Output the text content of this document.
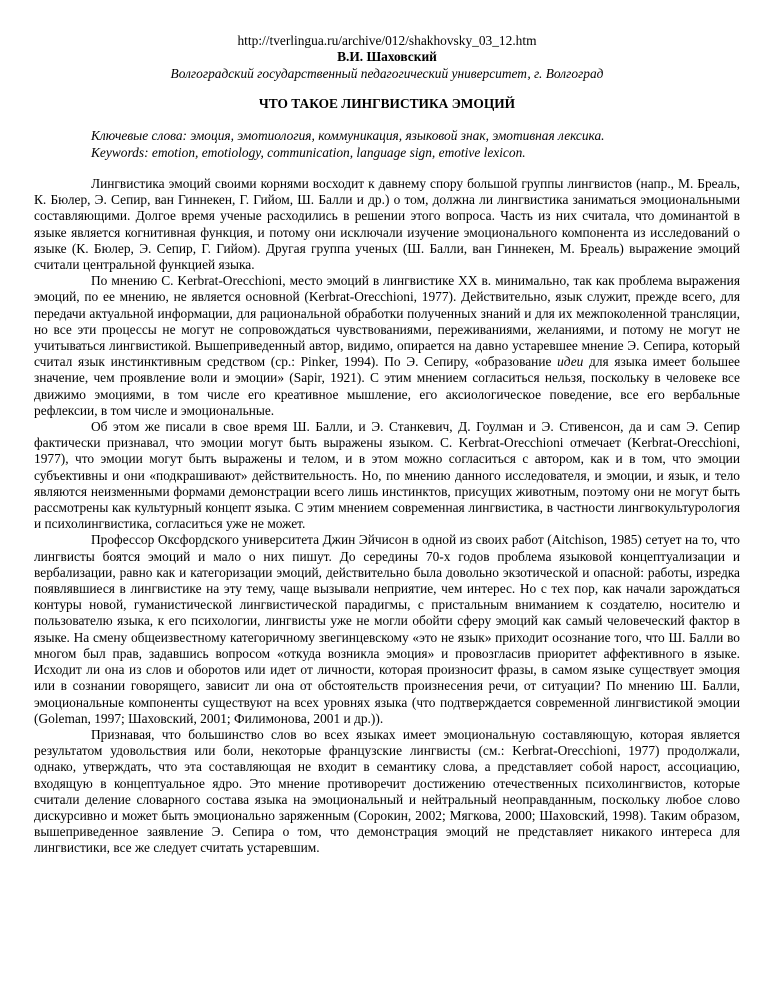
http://tverlingua.ru/archive/012/shakhovsky_03_12.htm
В.И. Шаховский
Волгоградский государственный педагогический университет, г. Волгоград
ЧТО ТАКОЕ ЛИНГВИСТИКА ЭМОЦИЙ
Ключевые слова: эмоция, эмотиология, коммуникация, языковой знак, эмотивная лексика.
Keywords: emotion, emotiology, communication, language sign, emotive lexicon.

Лингвистика эмоций своими корнями восходит к давнему спору большой группы лингвистов (напр., М. Бреаль, К. Бюлер, Э. Сепир, ван Гиннекен, Г. Гийом, Ш. Балли и др.) о том, должна ли лингвистика заниматься эмоциональными составляющими. Долгое время ученые расходились в решении этого вопроса. Часть из них считала, что доминантой в языке является когнитивная функция, и потому они исключали изучение эмоционального компонента из исследований о языке (К. Бюлер, Э. Сепир, Г. Гийом). Другая группа ученых (Ш. Балли, ван Гиннекен, М. Бреаль) выражение эмоций считали центральной функцией языка.

По мнению C. Kerbrat-Orecchioni, место эмоций в лингвистике XX в. минимально, так как проблема выражения эмоций, по ее мнению, не является основной (Kerbrat-Orecchioni, 1977). Действительно, язык служит, прежде всего, для передачи актуальной информации, для рациональной обработки полученных знаний и для их межпоколенной трансляции, но все эти процессы не могут не сопровождаться чувствованиями, переживаниями, желаниями, и потому не могут не учитываться лингвистикой. Вышеприведенный автор, видимо, опирается на давно устаревшее мнение Э. Сепира, который считал язык инстинктивным средством (ср.: Pinker, 1994). По Э. Сепиру, «образование идеи для языка имеет большее значение, чем проявление воли и эмоции» (Sapir, 1921). С этим мнением согласиться нельзя, поскольку в человеке все движимо эмоциями, в том числе его креативное мышление, его аксиологическое поведение, все его вербальные рефлексии, в том числе и эмоциональные.

Об этом же писали в свое время Ш. Балли, и Э. Станкевич, Д. Гоулман и Э. Стивенсон, да и сам Э. Сепир фактически признавал, что эмоции могут быть выражены языком. C. Kerbrat-Orecchioni отмечает (Kerbrat-Orecchioni, 1977), что эмоции могут быть выражены и телом, и в этом можно согласиться с автором, как и в том, что эмоции субъективны и они «подкрашивают» действительность. Но, по мнению данного исследователя, и эмоции, и язык, и тело являются неизменными формами демонстрации всего лишь инстинктов, присущих животным, поэтому они не могут быть рассмотрены как культурный концепт языка. С этим мнением современная лингвистика, в частности лингвокультурология и психолингвистика, согласиться уже не может.

Профессор Оксфордского университета Джин Эйчисон в одной из своих работ (Aitchison, 1985) сетует на то, что лингвисты боятся эмоций и мало о них пишут. До середины 70-х годов проблема языковой концептуализации и вербализации, равно как и категоризации эмоций, действительно была довольно экзотической и опасной: работы, изредка появлявшиеся в лингвистике на эту тему, чаще вызывали неприятие, чем интерес. Но с тех пор, как начали зарождаться контуры новой, гуманистической лингвистической парадигмы, с пристальным вниманием к создателю, носителю и пользователю языка, к его психологии, лингвисты уже не могли обойти сферу эмоций как самый человеческий фактор в языке. На смену общеизвестному категоричному звегинцевскому «это не язык» приходит осознание того, что Ш. Балли во многом был прав, задавшись вопросом «откуда возникла эмоция» и провозгласив приоритет аффективного в языке. Исходит ли она из слов и оборотов или идет от личности, которая произносит фразы, в самом языке существует эмоция или в сознании говорящего, зависит ли она от обстоятельств произнесения речи, от ситуации? По мнению Ш. Балли, эмоциональные компоненты существуют на всех уровнях языка (что подтверждается современной лингвистикой эмоции (Goleman, 1997; Шаховский, 2001; Филимонова, 2001 и др.)).

Признавая, что большинство слов во всех языках имеет эмоциональную составляющую, которая является результатом удовольствия или боли, некоторые французские лингвисты (см.: Kerbrat-Orecchioni, 1977) продолжали, однако, утверждать, что эта составляющая не входит в семантику слова, а представляет собой нарост, ассоциацию, входящую в концептуальное ядро. Это мнение противоречит достижению отечественных психолингвистов, которые считали деление словарного состава языка на эмоциональный и нейтральный неоправданным, поскольку любое слово дискурсивно и может быть эмоционально заряженным (Сорокин, 2002; Мягкова, 2000; Шаховский, 1998). Таким образом, вышеприведенное заявление Э. Сепира о том, что демонстрация эмоций не представляет никакого интереса для лингвистики, все же следует считать устаревшим.
